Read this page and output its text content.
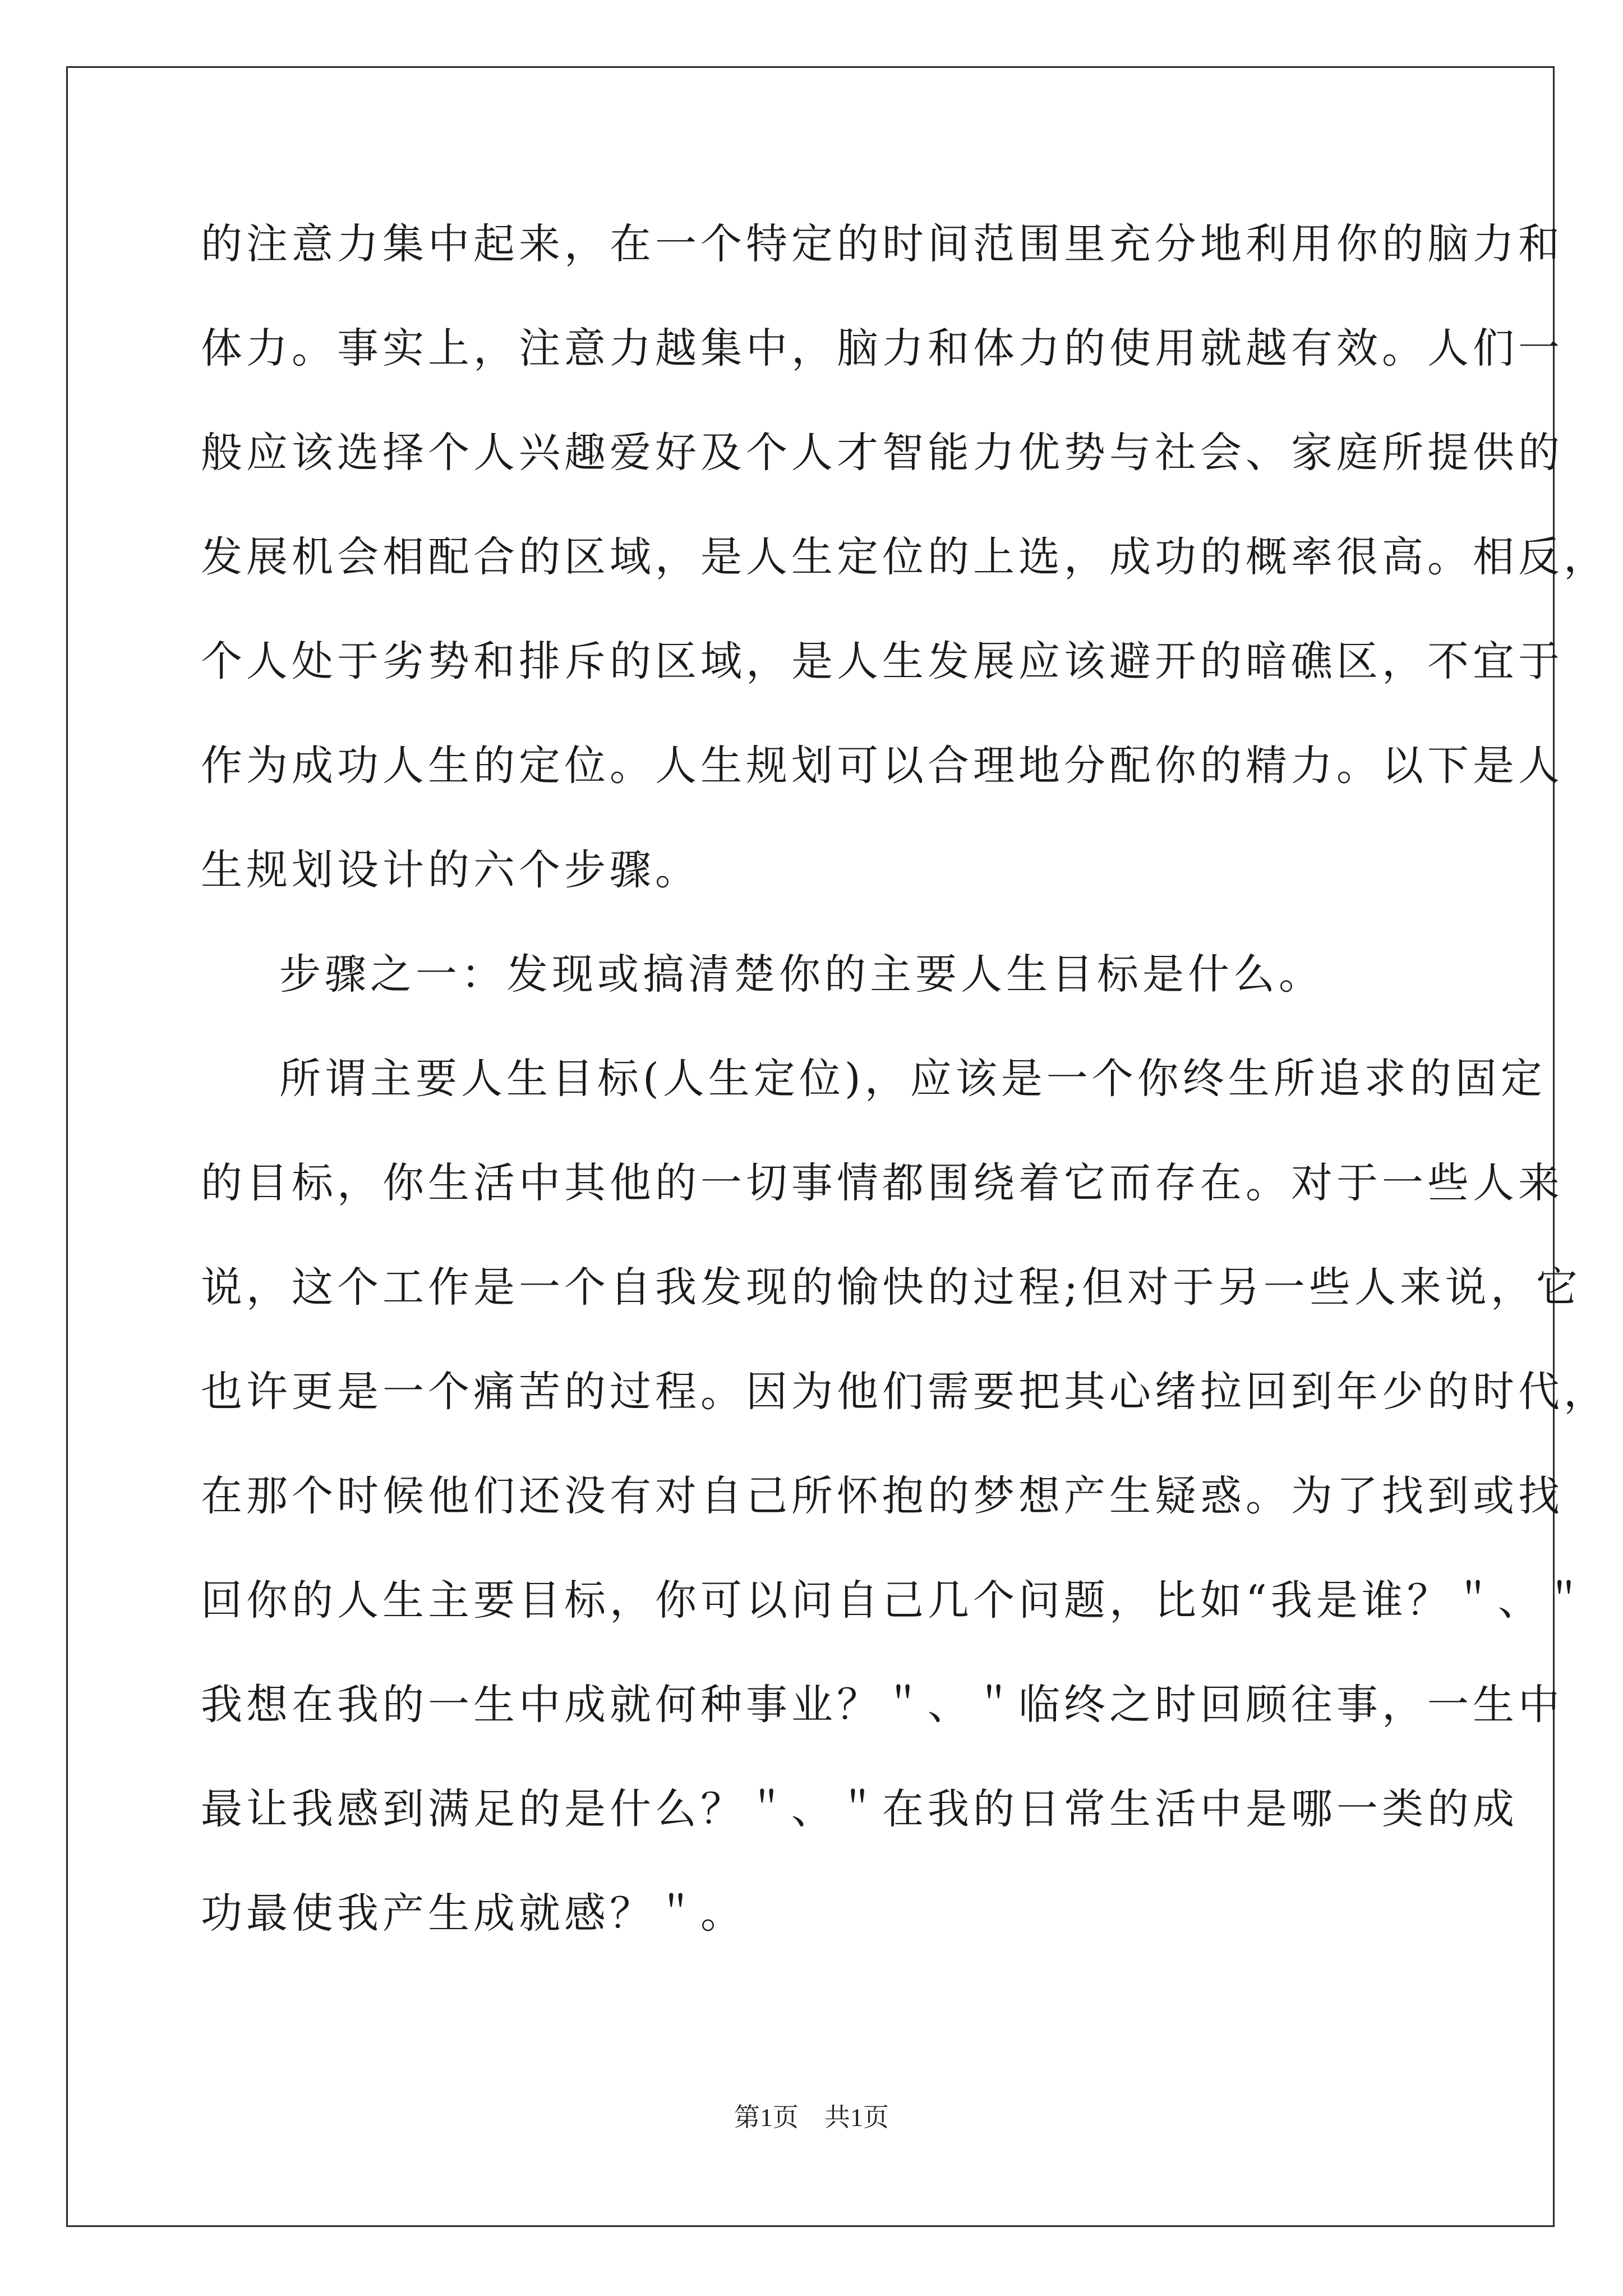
的注意力集中起来，在一个特定的时间范围里充分地利用你的脑力和
体力。事实上，注意力越集中，脑力和体力的使用就越有效。人们一
般应该选择个人兴趣爱好及个人才智能力优势与社会、家庭所提供的
发展机会相配合的区域，是人生定位的上选，成功的概率很高。相反，
个人处于劣势和排斥的区域，是人生发展应该避开的暗礁区，不宜于
作为成功人生的定位。人生规划可以合理地分配你的精力。以下是人
生规划设计的六个步骤。
步骤之一：发现或搞清楚你的主要人生目标是什么。
所谓主要人生目标(人生定位)，应该是一个你终生所追求的固定
的目标，你生活中其他的一切事情都围绕着它而存在。对于一些人来
说，这个工作是一个自我发现的愉快的过程;但对于另一些人来说，它
也许更是一个痛苦的过程。因为他们需要把其心绪拉回到年少的时代，
在那个时候他们还没有对自己所怀抱的梦想产生疑惑。为了找到或找
回你的人生主要目标，你可以问自己几个问题，比如“我是谁？＂、＂
我想在我的一生中成就何种事业？＂、＂临终之时回顾往事，一生中
最让我感到满足的是什么？＂、＂在我的日常生活中是哪一类的成
功最使我产生成就感？＂。
第1页　共1页
